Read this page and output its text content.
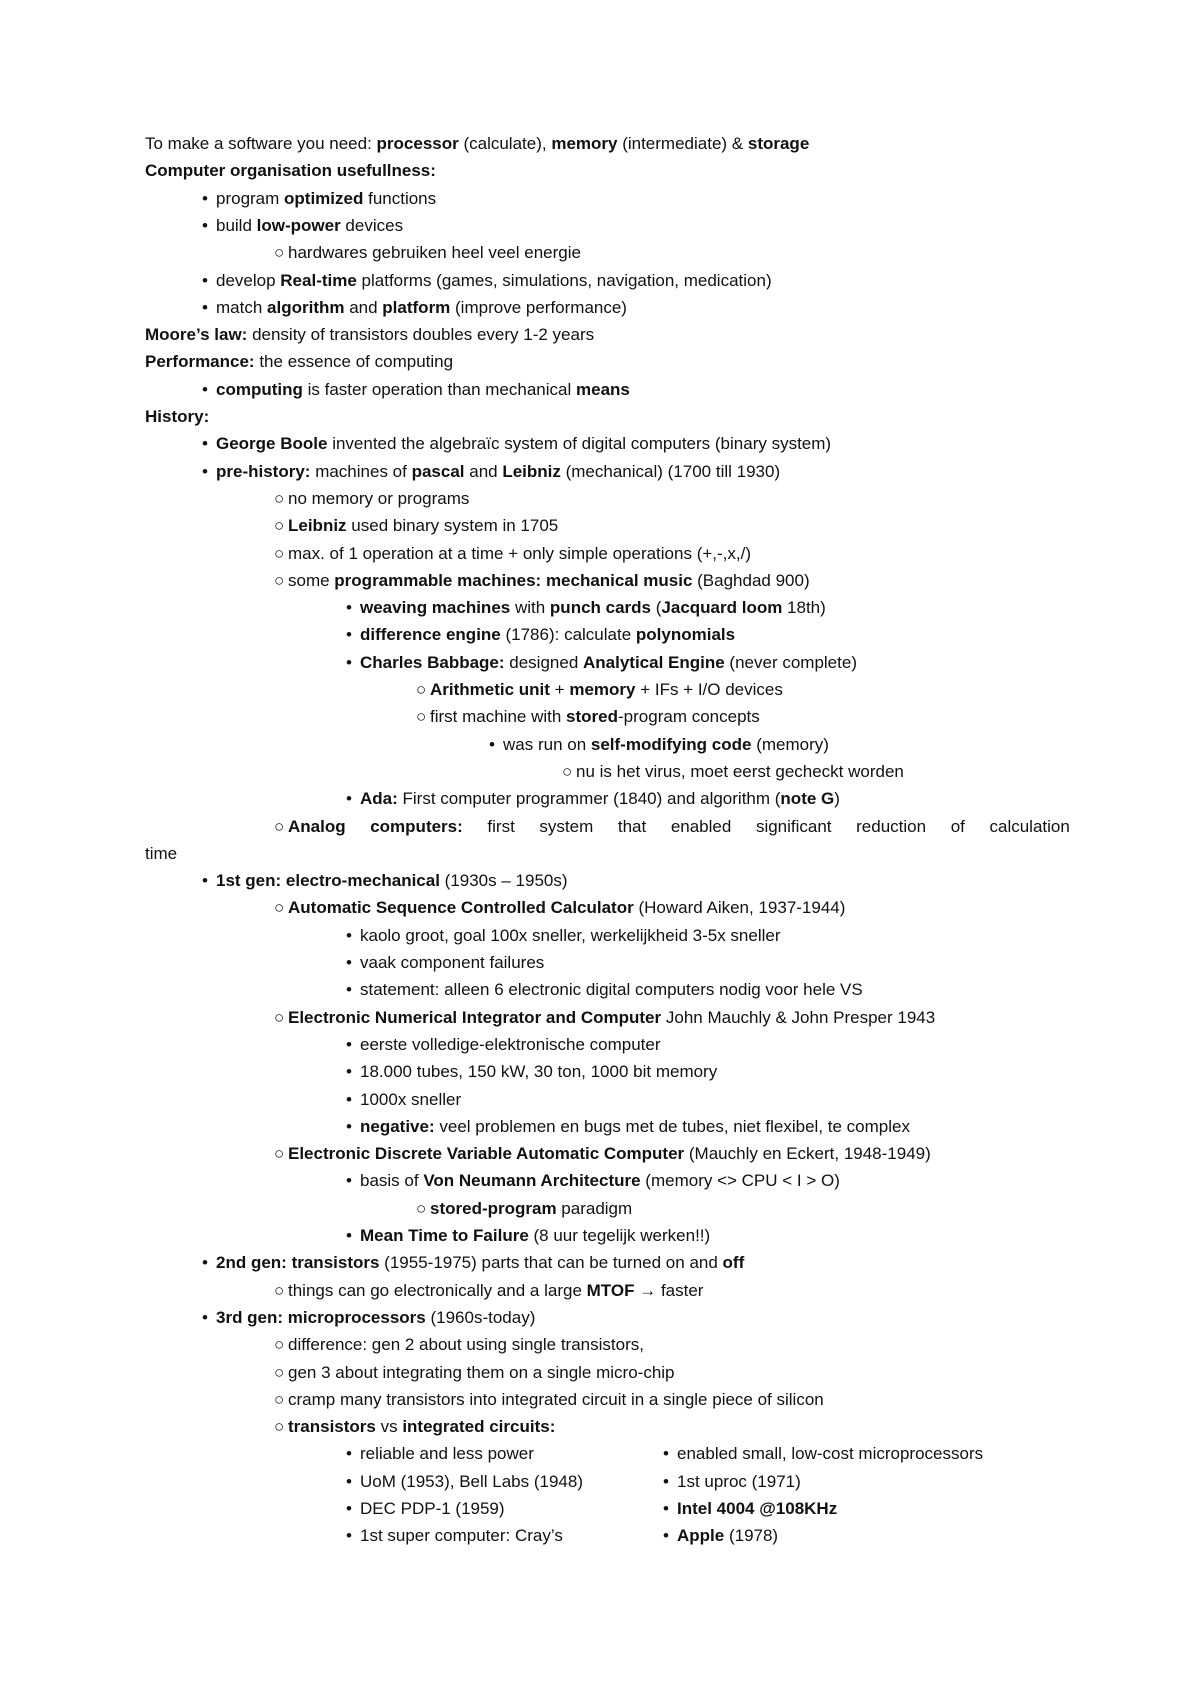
To make a software you need: processor (calculate), memory (intermediate) & storage
Computer organisation usefullness:
• program optimized functions
• build low-power devices
○ hardwares gebruiken heel veel energie
• develop Real-time platforms (games, simulations, navigation, medication)
• match algorithm and platform (improve performance)
Moore’s law: density of transistors doubles every 1-2 years
Performance: the essence of computing
• computing is faster operation than mechanical means
History:
• George Boole invented the algebraïc system of digital computers (binary system)
• pre-history: machines of pascal and Leibniz (mechanical) (1700 till 1930)
○ no memory or programs
○ Leibniz used binary system in 1705
○ max. of 1 operation at a time + only simple operations (+,-,x,/)
○ some programmable machines: mechanical music (Baghdad 900)
• weaving machines with punch cards (Jacquard loom 18th)
• difference engine (1786): calculate polynomials
• Charles Babbage: designed Analytical Engine (never complete)
○ Arithmetic unit + memory + IFs + I/O devices
○ first machine with stored-program concepts
• was run on self-modifying code (memory)
○ nu is het virus, moet eerst gecheckt worden
• Ada: First computer programmer (1840) and algorithm (note G)
○ Analog computers: first system that enabled significant reduction of calculation
time
• 1st gen: electro-mechanical (1930s – 1950s)
○ Automatic Sequence Controlled Calculator (Howard Aiken, 1937-1944)
• kaolo groot, goal 100x sneller, werkelijkheid 3-5x sneller
• vaak component failures
• statement: alleen 6 electronic digital computers nodig voor hele VS
○ Electronic Numerical Integrator and Computer John Mauchly & John Presper 1943
• eerste volledige-elektronische computer
• 18.000 tubes, 150 kW, 30 ton, 1000 bit memory
• 1000x sneller
• negative: veel problemen en bugs met de tubes, niet flexibel, te complex
○ Electronic Discrete Variable Automatic Computer (Mauchly en Eckert, 1948-1949)
• basis of Von Neumann Architecture (memory <> CPU < I > O)
○ stored-program paradigm
• Mean Time to Failure (8 uur tegelijk werken!!)
• 2nd gen: transistors (1955-1975) parts that can be turned on and off
○ things can go electronically and a large MTOF → faster
• 3rd gen: microprocessors (1960s-today)
○ difference: gen 2 about using single transistors,
○ gen 3 about integrating them on a single micro-chip
○ cramp many transistors into integrated circuit in a single piece of silicon
○ transistors vs integrated circuits:
• reliable and less power	• enabled small, low-cost microprocessors
• UoM (1953), Bell Labs (1948)	• 1st uproc (1971)
• DEC PDP-1 (1959)	• Intel 4004 @108KHz
• 1st super computer: Cray’s	• Apple (1978)
